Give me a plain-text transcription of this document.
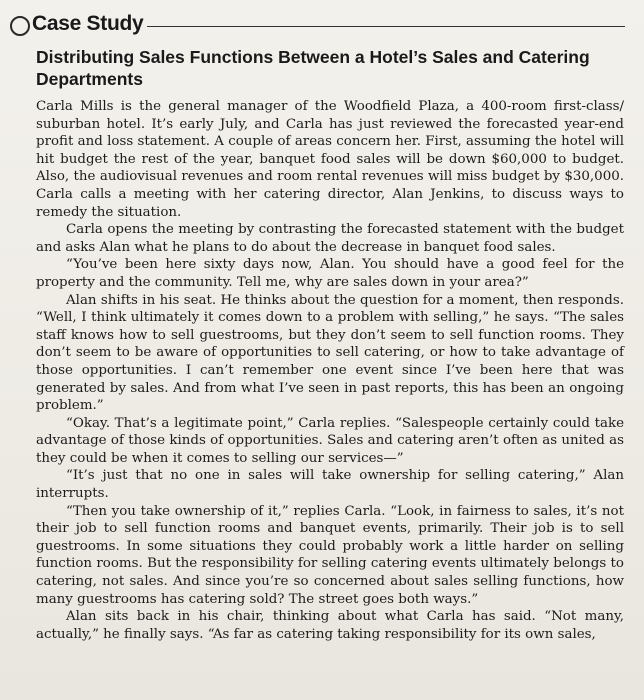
Case Study
Distributing Sales Functions Between a Hotel’s Sales and Catering Departments

Carla Mills is the general manager of the Woodfield Plaza, a 400-room first-class/ suburban hotel. It’s early July, and Carla has just reviewed the forecasted year-end profit and loss statement. A couple of areas concern her. First, assuming the hotel will hit budget the rest of the year, banquet food sales will be down $60,000 to budget. Also, the audiovisual revenues and room rental revenues will miss budget by $30,000. Carla calls a meeting with her catering director, Alan Jenkins, to discuss ways to remedy the situation.

Carla opens the meeting by contrasting the forecasted statement with the budget and asks Alan what he plans to do about the decrease in banquet food sales.

“You’ve been here sixty days now, Alan. You should have a good feel for the property and the community. Tell me, why are sales down in your area?”

Alan shifts in his seat. He thinks about the question for a moment, then responds. “Well, I think ultimately it comes down to a problem with selling,” he says. “The sales staff knows how to sell guestrooms, but they don’t seem to sell function rooms. They don’t seem to be aware of opportunities to sell catering, or how to take advantage of those opportunities. I can’t remember one event since I’ve been here that was generated by sales. And from what I’ve seen in past reports, this has been an ongoing problem.”

“Okay. That’s a legitimate point,” Carla replies. “Salespeople certainly could take advantage of those kinds of opportunities. Sales and catering aren’t often as united as they could be when it comes to selling our services—”

“It’s just that no one in sales will take ownership for selling catering,” Alan interrupts.

“Then you take ownership of it,” replies Carla. “Look, in fairness to sales, it’s not their job to sell function rooms and banquet events, primarily. Their job is to sell guestrooms. In some situations they could probably work a little harder on selling function rooms. But the responsibility for selling catering events ultimately belongs to catering, not sales. And since you’re so concerned about sales selling functions, how many guestrooms has catering sold? The street goes both ways.”

Alan sits back in his chair, thinking about what Carla has said. “Not many, actually,” he finally says. “As far as catering taking responsibility for its own sales,
